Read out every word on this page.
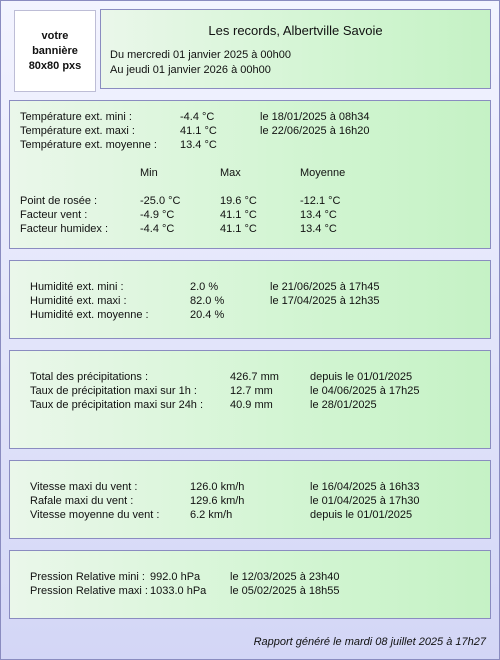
votre
bannière
80x80 pxs
Les records, Albertville Savoie
Du mercredi 01 janvier 2025 à 00h00
Au jeudi 01 janvier 2026 à 00h00
Température ext. mini :	-4.4 °C	le 18/01/2025 à 08h34
Température ext. maxi :	41.1 °C	le 22/06/2025 à 16h20
Température ext. moyenne : 13.4 °C
Min	Max	Moyenne
Point de rosée :	-25.0 °C	19.6 °C	-12.1 °C
Facteur vent :	-4.9 °C	41.1 °C	13.4 °C
Facteur humidex :	-4.4 °C	41.1 °C	13.4 °C
Humidité ext. mini :	2.0 %	le 21/06/2025 à 17h45
Humidité ext. maxi :	82.0 %	le 17/04/2025 à 12h35
Humidité ext. moyenne :	20.4 %
Total des précipitations :	426.7 mm	depuis le 01/01/2025
Taux de précipitation maxi sur 1h :	12.7 mm	le 04/06/2025 à 17h25
Taux de précipitation maxi sur 24h : 40.9 mm	le 28/01/2025
Vitesse maxi du vent :	126.0 km/h	le 16/04/2025 à 16h33
Rafale maxi du vent :	129.6 km/h	le 01/04/2025 à 17h30
Vitesse moyenne du vent :	6.2 km/h	depuis le 01/01/2025
Pression Relative mini : 992.0 hPa	le 12/03/2025 à 23h40
Pression Relative maxi : 1033.0 hPa le 05/02/2025 à 18h55
Rapport généré le mardi 08 juillet 2025 à 17h27
